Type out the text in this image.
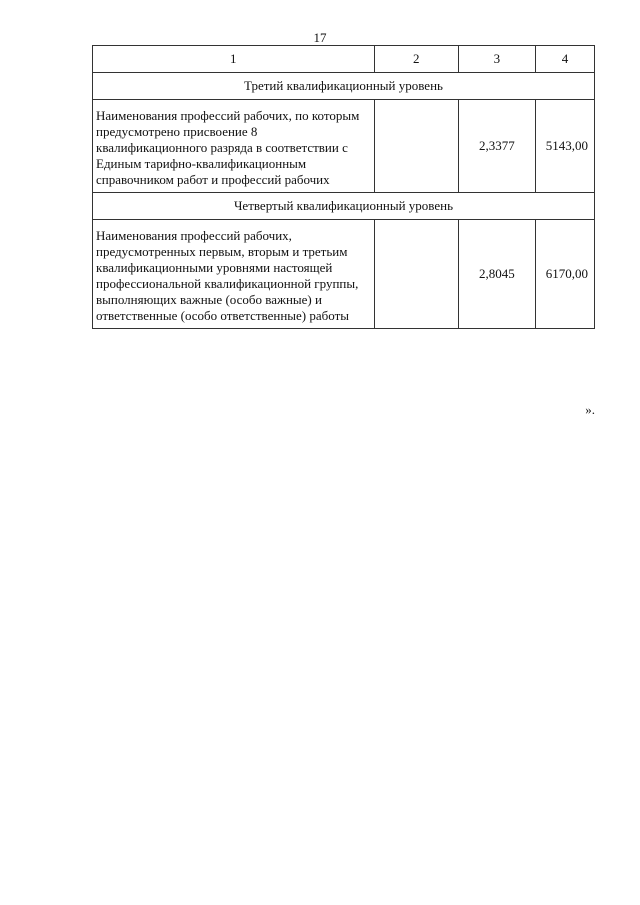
17
1	2	3	4
Третий квалификационный уровень			
Наименования профессий рабочих, по которым предусмотрено присвоение 8 квалификационного разряда в соответствии с Единым тарифно-квалификационным справочником работ и профессий рабочих		2,3377	5143,00
Четвертый квалификационный уровень			
Наименования профессий рабочих, предусмотренных первым, вторым и третьим квалификационными уровнями настоящей профессиональной квалификационной группы, выполняющих важные (особо важные) и ответственные (особо ответственные) работы		2,8045	6170,00
».
